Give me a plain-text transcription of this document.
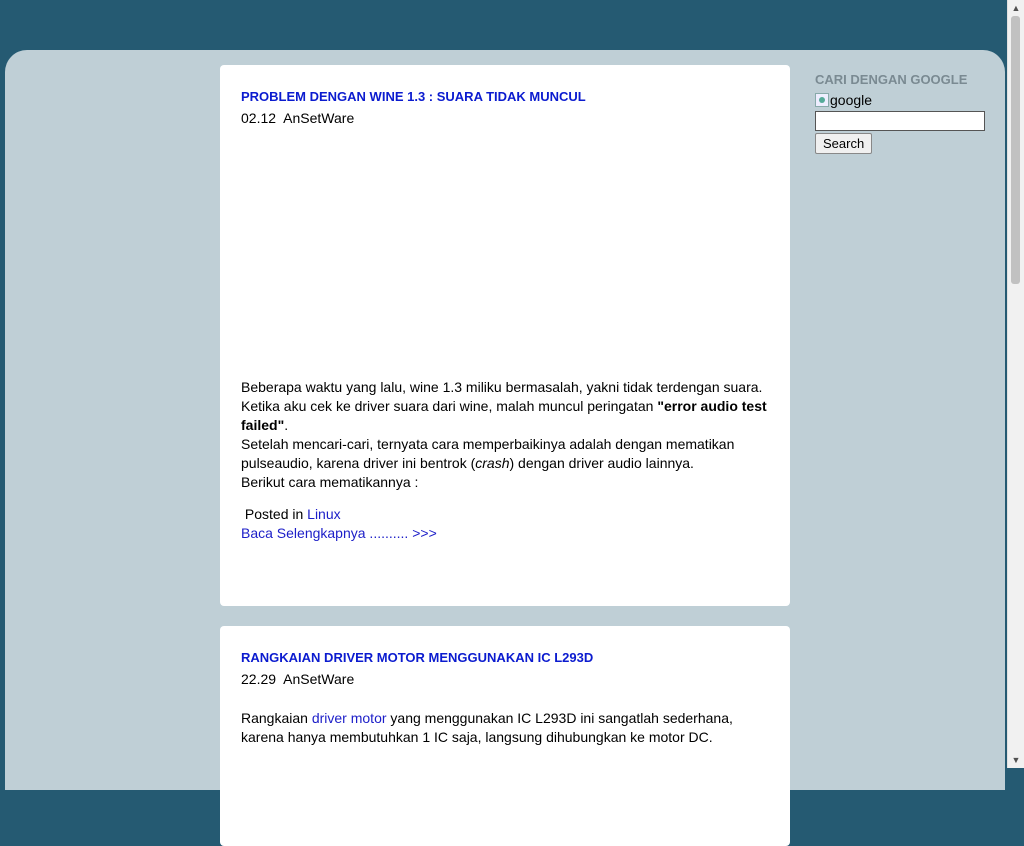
PROBLEM DENGAN WINE 1.3 : SUARA TIDAK MUNCUL
02.12 AnSetWare

Beberapa waktu yang lalu, wine 1.3 miliku bermasalah, yakni tidak terdengan suara. Ketika aku cek ke driver suara dari wine, malah muncul peringatan "error audio test failed".

Setelah mencari-cari, ternyata cara memperbaikinya adalah dengan mematikan pulseaudio, karena driver ini bentrok (crash) dengan driver audio lainnya.

Berikut cara mematikannya :

Posted in Linux
Baca Selengkapnya .......... >>>
RANGKAIAN DRIVER MOTOR MENGGUNAKAN IC L293D
22.29 AnSetWare

Rangkaian driver motor yang menggunakan IC L293D ini sangatlah sederhana, karena hanya membutuhkan 1 IC saja, langsung dihubungkan ke motor DC.

CARI DENGAN GOOGLE
google
Search
▲
▼
